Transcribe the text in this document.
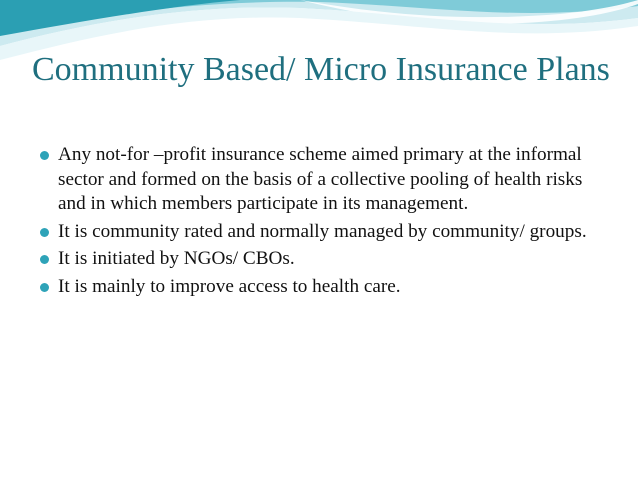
Community Based/ Micro Insurance Plans
Any not-for –profit insurance scheme aimed primary at the informal sector and formed on the basis of a collective pooling of health risks and in which members participate in its management.
It is community rated and normally managed by community/ groups.
It is initiated by NGOs/ CBOs.
It is mainly to improve access to health care.
